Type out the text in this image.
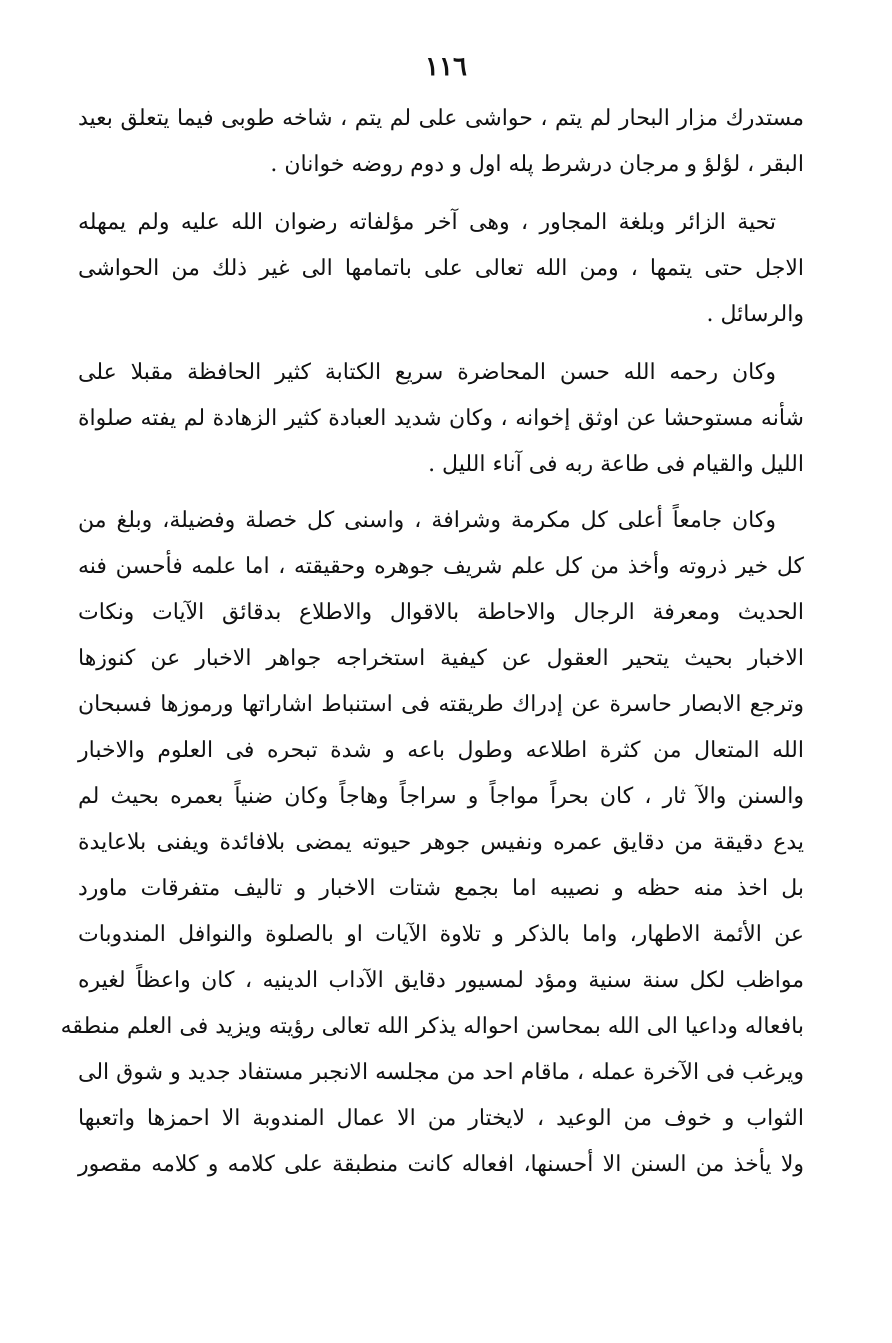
١١٦
مستدرك مزار البحار لم يتم ، حواشى على لم يتم ، شاخه طوبى فيما يتعلق بعيد
البقر ، لؤلؤ و مرجان درشرط پله اول و دوم روضه خوانان .
تحية الزائر وبلغة المجاور ، وهى آخر مؤلفاته رضوان الله عليه ولم يمهله
الاجل حتى يتمها ، ومن الله تعالى على باتمامها الى غير ذلك من الحواشى
والرسائل .
وكان رحمه الله حسن المحاضرة سريع الكتابة كثير الحافظة مقبلا على
شأنه مستوحشا عن اوثق إخوانه ، وكان شديد العبادة كثير الزهادة لم يفته صلواة
الليل والقيام فى طاعة ربه فى آناء الليل .
وكان جامعاً أعلى كل مكرمة وشرافة ، واسنى كل خصلة وفضيلة، وبلغ من
كل خير ذروته وأخذ من كل علم شريف جوهره وحقيقته ، اما علمه فأحسن فنه
الحديث ومعرفة الرجال والاحاطة بالاقوال والاطلاع بدقائق الآيات ونكات
الاخبار بحيث يتحير العقول عن كيفية استخراجه جواهر الاخبار عن كنوزها
وترجع الابصار حاسرة عن إدراك طريقته فى استنباط اشاراتها ورموزها فسبحان
الله المتعال من كثرة اطلاعه وطول باعه و شدة تبحره فى العلوم والاخبار
والسنن والآ ثار ، كان بحراً مواجاً و سراجاً وهاجاً وكان ضنياً بعمره بحيث لم
يدع دقيقة من دقايق عمره ونفيس جوهر حيوته يمضى بلافائدة ويفنى بلاعايدة
بل اخذ منه حظه و نصيبه اما بجمع شتات الاخبار و تاليف متفرقات ماورد
عن الأئمة الاطهار، واما بالذكر و تلاوة الآيات او بالصلوة والنوافل المندوبات
مواظب لكل سنة سنية ومؤد لمسيور دقايق الآداب الدينيه ، كان واعظاً لغيره
بافعاله وداعيا الى الله بمحاسن احواله يذكر الله تعالى رؤيته ويزيد فى العلم منطقه
ويرغب فى الآخرة عمله ، ماقام احد من مجلسه الانجبر مستفاد جديد و شوق الى
الثواب و خوف من الوعيد ، لايختار من الا عمال المندوبة الا احمزها واتعبها
ولا يأخذ من السنن الا أحسنها، افعاله كانت منطبقة على كلامه و كلامه مقصور
